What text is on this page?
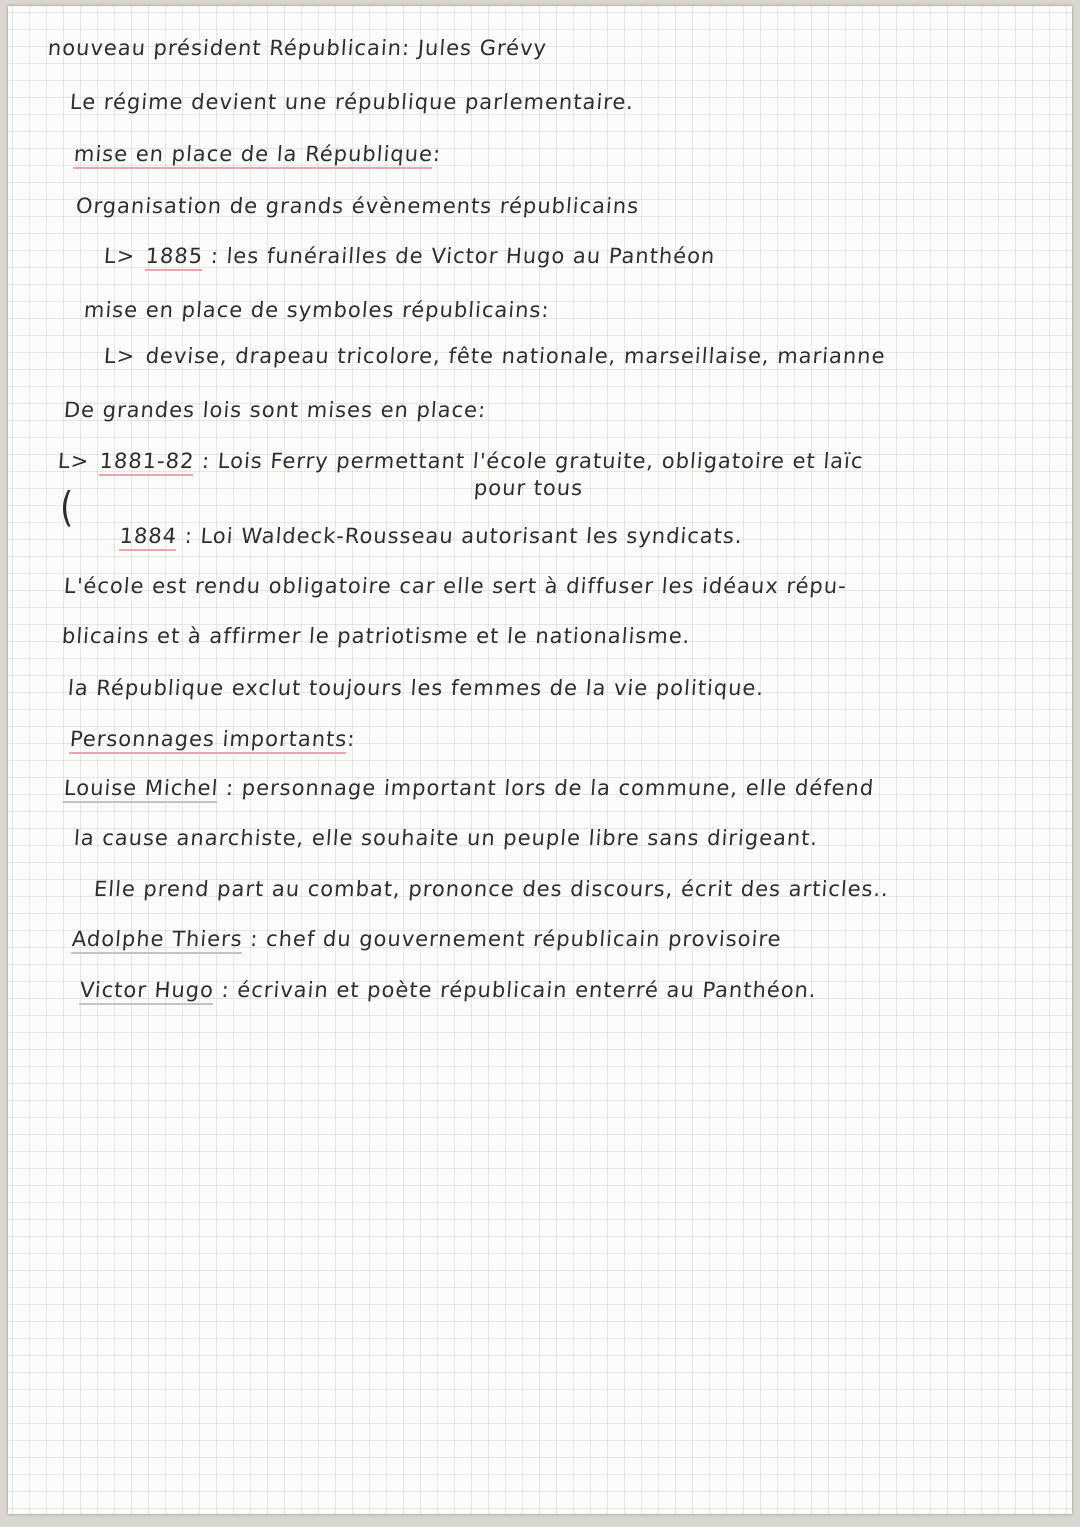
nouveau président Républicain: Jules Grévy
Le régime devient une république parlementaire.
mise en place de la République:
Organisation de grands évènements républicains
L> 1885 : les funérailles de Victor Hugo au Panthéon
mise en place de symboles républicains:
L> devise, drapeau tricolore, fête nationale, marseillaise, marianne
De grandes lois sont mises en place:
L> 1881-82 : Lois Ferry permettant l'école gratuite, obligatoire et laïc
pour tous
(
1884 : Loi Waldeck-Rousseau autorisant les syndicats.
L'école est rendu obligatoire car elle sert à diffuser les idéaux répu-
blicains et à affirmer le patriotisme et le nationalisme.
la République exclut toujours les femmes de la vie politique.
Personnages importants:
Louise Michel : personnage important lors de la commune, elle défend
la cause anarchiste, elle souhaite un peuple libre sans dirigeant.
Elle prend part au combat, prononce des discours, écrit des articles..
Adolphe Thiers : chef du gouvernement républicain provisoire
Victor Hugo : écrivain et poète républicain enterré au Panthéon.
